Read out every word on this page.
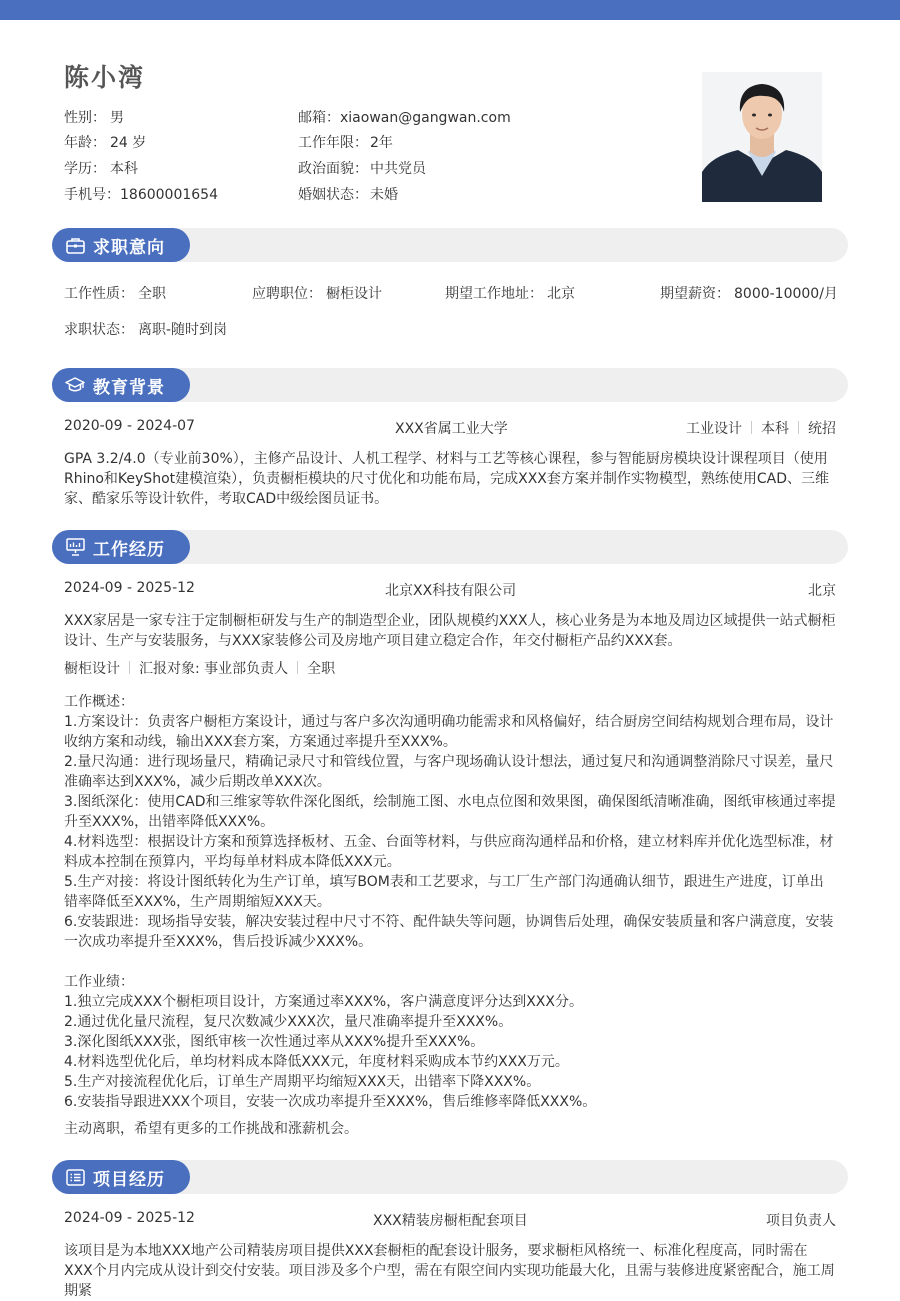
陈小湾
性别： 男
年龄： 24 岁
学历： 本科
手机号：18600001654
邮箱：xiaowan@gangwan.com
工作年限： 2年
政治面貌： 中共党员
婚姻状态： 未婚
求职意向
工作性质： 全职	应聘职位： 橱柜设计	期望工作地址： 北京	期望薪资： 8000-10000/月
求职状态： 离职-随时到岗
教育背景
2020-09 - 2024-07	XXX省属工业大学	工业设计 本科 统招
GPA 3.2/4.0（专业前30%），主修产品设计、人机工程学、材料与工艺等核心课程，参与智能厨房模块设计课程项目（使用Rhino和KeyShot建模渲染），负责橱柜模块的尺寸优化和功能布局，完成XXX套方案并制作实物模型，熟练使用CAD、三维家、酷家乐等设计软件，考取CAD中级绘图员证书。
工作经历
2024-09 - 2025-12	北京XX科技有限公司	北京
XXX家居是一家专注于定制橱柜研发与生产的制造型企业，团队规模约XXX人，核心业务是为本地及周边区域提供一站式橱柜设计、生产与安装服务，与XXX家装修公司及房地产项目建立稳定合作，年交付橱柜产品约XXX套。
橱柜设计 汇报对象: 事业部负责人 全职

工作概述：

1.方案设计：负责客户橱柜方案设计，通过与客户多次沟通明确功能需求和风格偏好，结合厨房空间结构规划合理布局，设计收纳方案和动线，输出XXX套方案，方案通过率提升至XXX%。

2.量尺沟通：进行现场量尺，精确记录尺寸和管线位置，与客户现场确认设计想法，通过复尺和沟通调整消除尺寸误差，量尺准确率达到XXX%，减少后期改单XXX次。

3.图纸深化：使用CAD和三维家等软件深化图纸，绘制施工图、水电点位图和效果图，确保图纸清晰准确，图纸审核通过率提升至XXX%，出错率降低XXX%。

4.材料选型：根据设计方案和预算选择板材、五金、台面等材料，与供应商沟通样品和价格，建立材料库并优化选型标准，材料成本控制在预算内，平均每单材料成本降低XXX元。

5.生产对接：将设计图纸转化为生产订单，填写BOM表和工艺要求，与工厂生产部门沟通确认细节，跟进生产进度，订单出错率降低至XXX%，生产周期缩短XXX天。

6.安装跟进：现场指导安装，解决安装过程中尺寸不符、配件缺失等问题，协调售后处理，确保安装质量和客户满意度，安装一次成功率提升至XXX%，售后投诉减少XXX%。

工作业绩：

1.独立完成XXX个橱柜项目设计，方案通过率XXX%，客户满意度评分达到XXX分。

2.通过优化量尺流程，复尺次数减少XXX次，量尺准确率提升至XXX%。

3.深化图纸XXX张，图纸审核一次性通过率从XXX%提升至XXX%。

4.材料选型优化后，单均材料成本降低XXX元，年度材料采购成本节约XXX万元。

5.生产对接流程优化后，订单生产周期平均缩短XXX天，出错率下降XXX%。

6.安装指导跟进XXX个项目，安装一次成功率提升至XXX%，售后维修率降低XXX%。

主动离职，希望有更多的工作挑战和涨薪机会。
项目经历
2024-09 - 2025-12	XXX精装房橱柜配套项目	项目负责人
该项目是为本地XXX地产公司精装房项目提供XXX套橱柜的配套设计服务，要求橱柜风格统一、标准化程度高，同时需在XXX个月内完成从设计到交付安装。项目涉及多个户型，需在有限空间内实现功能最大化，且需与装修进度紧密配合，施工周期紧
